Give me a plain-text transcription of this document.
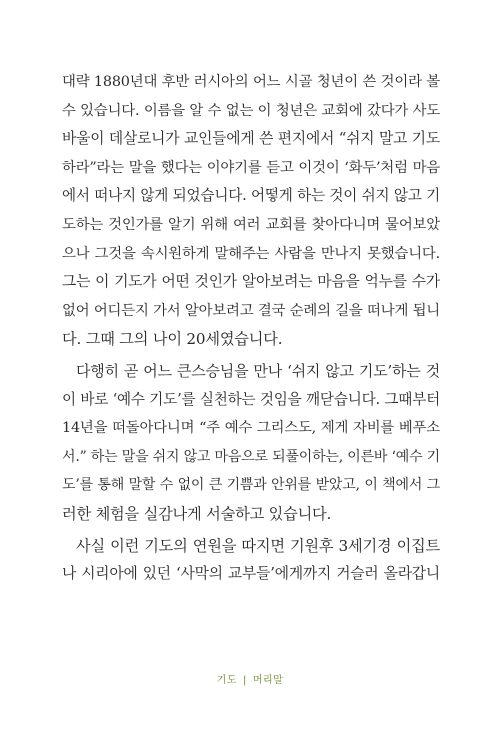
대략 1880년대 후반 러시아의 어느 시골 청년이 쓴 것이라 볼
수 있습니다. 이름을 알 수 없는 이 청년은 교회에 갔다가 사도
바울이 데살로니가 교인들에게 쓴 편지에서 “쉬지 말고 기도
하라”라는 말을 했다는 이야기를 듣고 이것이 ‘화두’처럼 마음
에서 떠나지 않게 되었습니다. 어떻게 하는 것이 쉬지 않고 기
도하는 것인가를 알기 위해 여러 교회를 찾아다니며 물어보았
으나 그것을 속시원하게 말해주는 사람을 만나지 못했습니다.
그는 이 기도가 어떤 것인가 알아보려는 마음을 억누를 수가
없어 어디든지 가서 알아보려고 결국 순례의 길을 떠나게 됩니
다. 그때 그의 나이 20세였습니다.
다행히 곧 어느 큰스승님을 만나 ‘쉬지 않고 기도’하는 것
이 바로 ‘예수 기도’를 실천하는 것임을 깨닫습니다. 그때부터
14년을 떠돌아다니며 “주 예수 그리스도, 제게 자비를 베푸소
서.” 하는 말을 쉬지 않고 마음으로 되풀이하는, 이른바 ‘예수 기
도’를 통해 말할 수 없이 큰 기쁨과 안위를 받았고, 이 책에서 그
러한 체험을 실감나게 서술하고 있습니다.
사실 이런 기도의 연원을 따지면 기원후 3세기경 이집트
나 시리아에 있던 ‘사막의 교부들’에게까지 거슬러 올라갑니
기도 | 머리말
